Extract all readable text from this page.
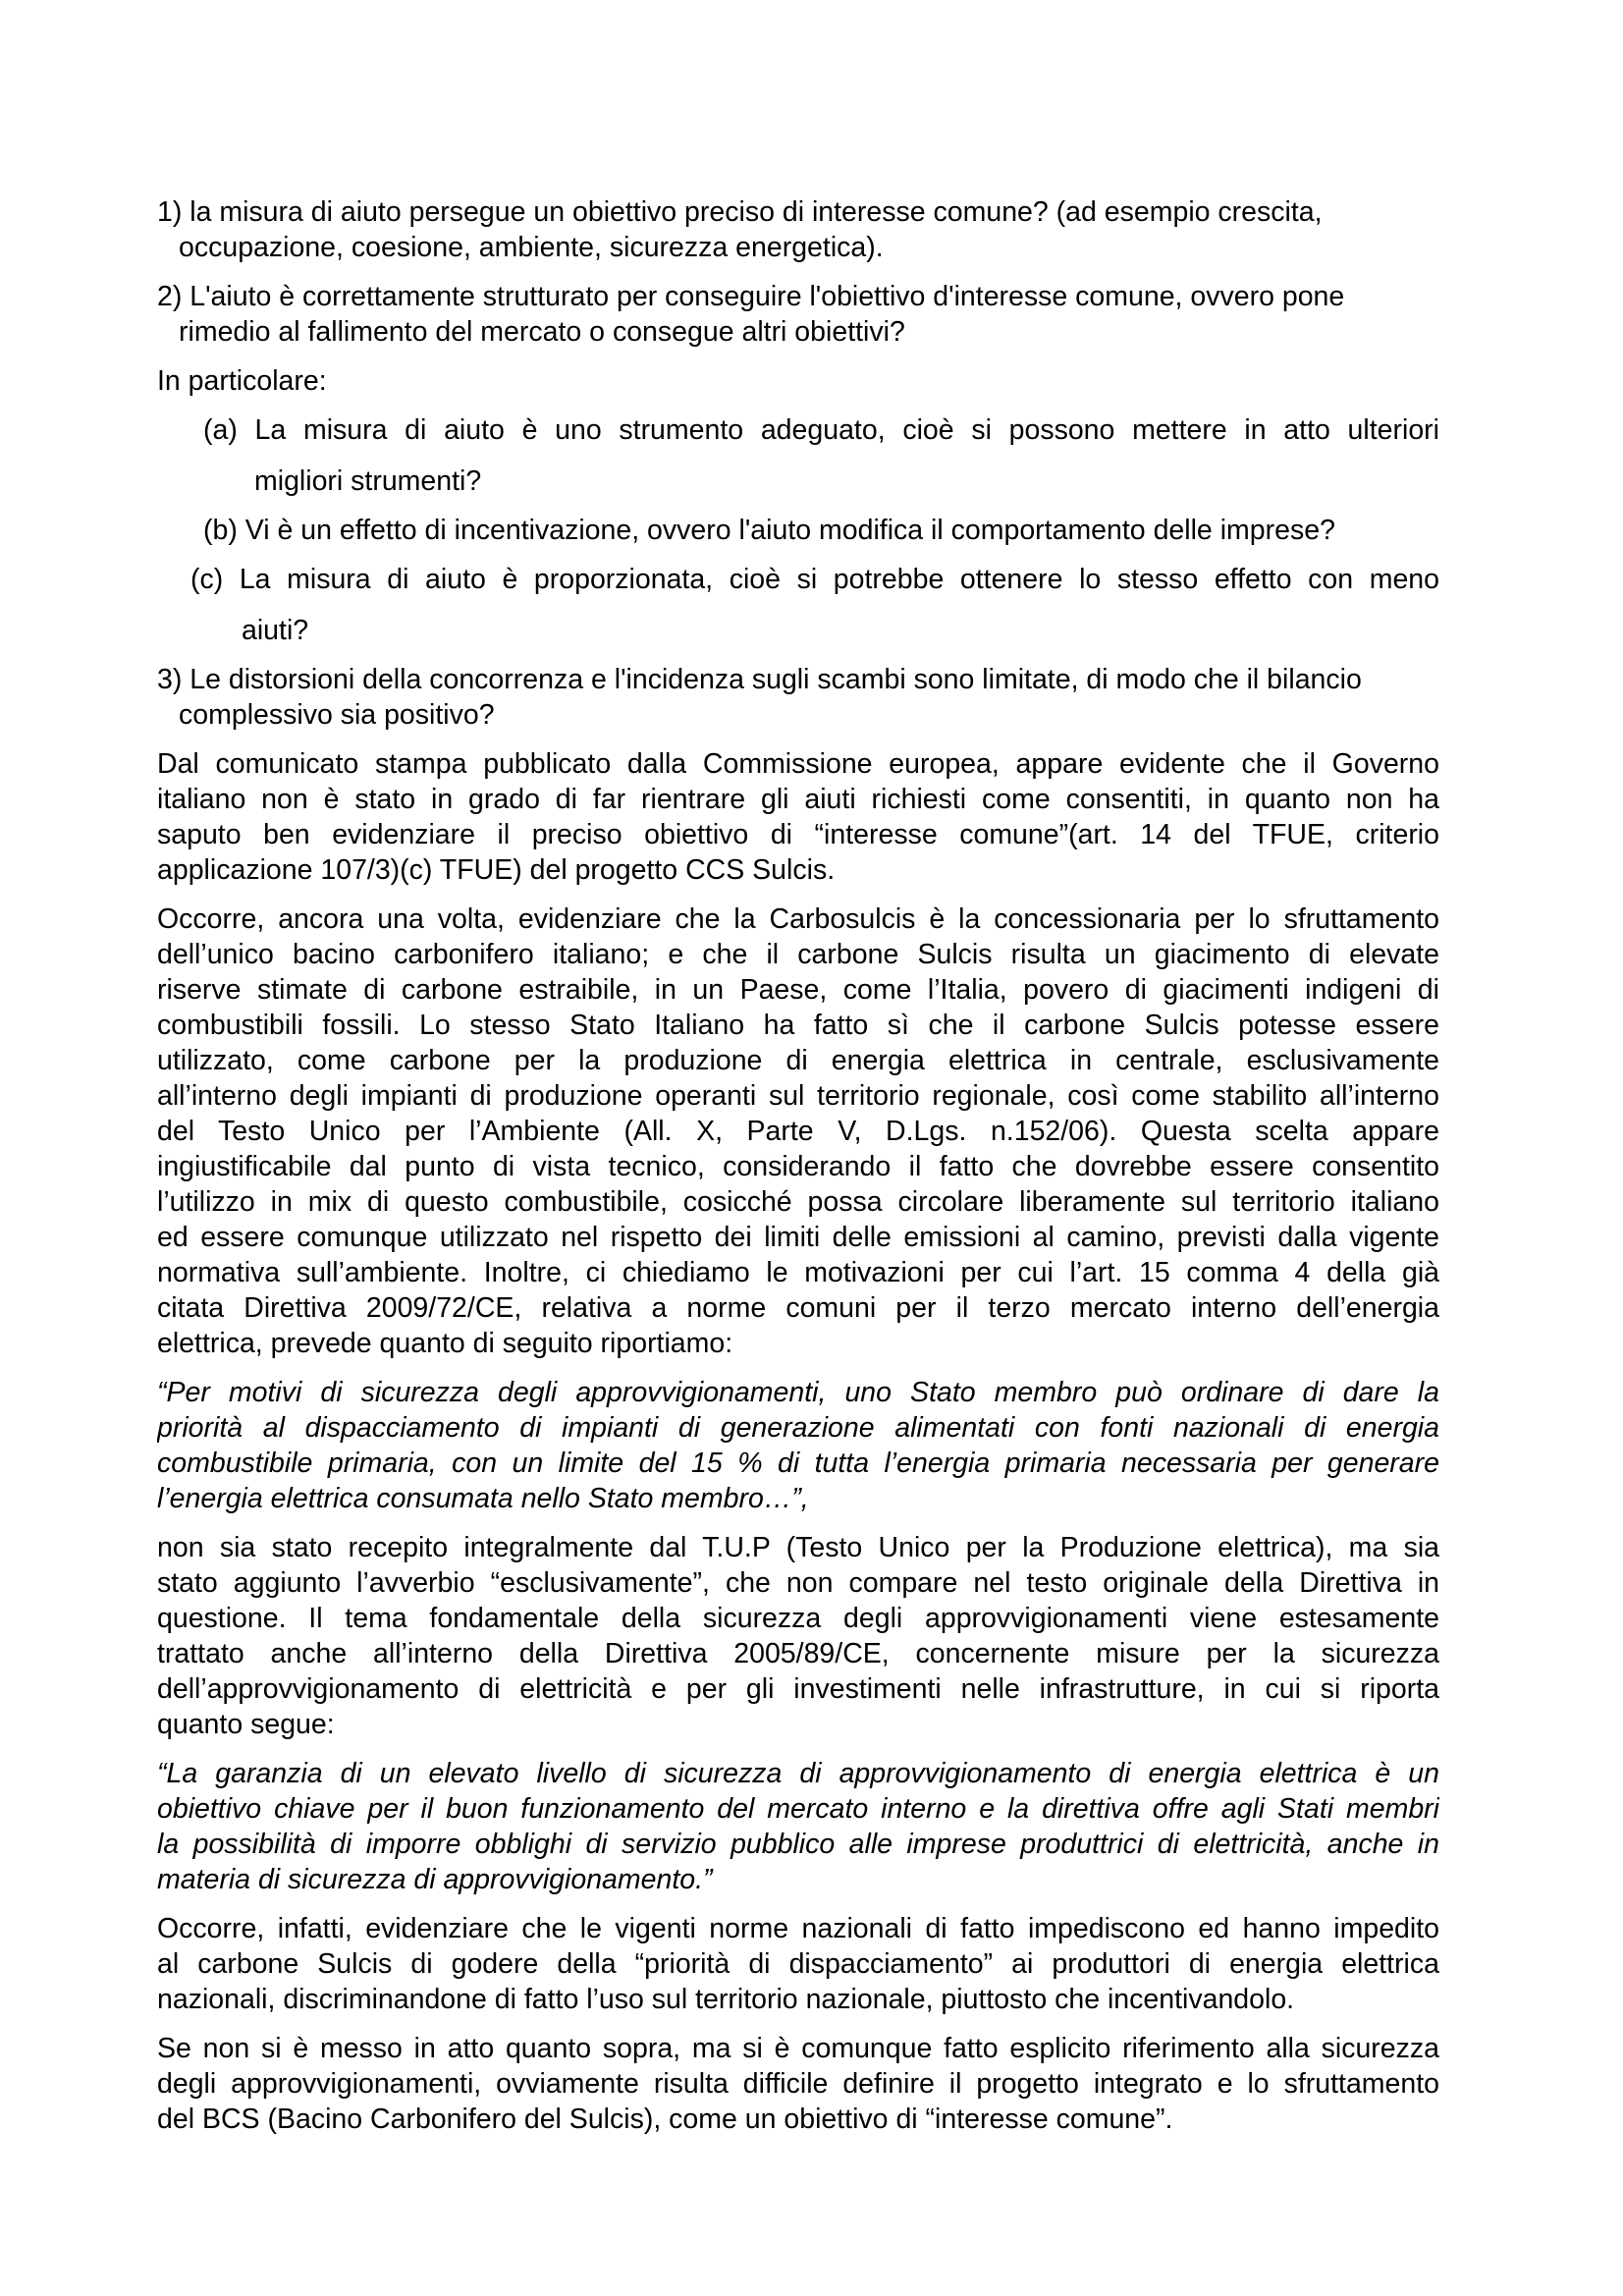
1) la misura di aiuto persegue un obiettivo preciso di interesse comune? (ad esempio crescita,
occupazione, coesione, ambiente, sicurezza energetica).
2) L'aiuto è correttamente strutturato per conseguire l'obiettivo d'interesse comune, ovvero pone
rimedio al fallimento del mercato o consegue altri obiettivi?
In particolare:
(a) La misura di aiuto è uno strumento adeguato, cioè si possono mettere in atto ulteriori
migliori strumenti?
(b) Vi è un effetto di incentivazione, ovvero l'aiuto modifica il comportamento delle imprese?
(c) La misura di aiuto è proporzionata, cioè si potrebbe ottenere lo stesso effetto con meno
aiuti?
3) Le distorsioni della concorrenza e l'incidenza sugli scambi sono limitate, di modo che il bilancio
complessivo sia positivo?
Dal comunicato stampa pubblicato dalla Commissione europea, appare evidente che il Governo
italiano non è stato in grado di far rientrare gli aiuti richiesti come consentiti, in quanto non ha
saputo ben evidenziare il preciso obiettivo di “interesse comune”(art. 14 del TFUE, criterio
applicazione 107/3)(c) TFUE) del progetto CCS Sulcis.
Occorre, ancora una volta, evidenziare che la Carbosulcis è la concessionaria per lo sfruttamento
dell’unico bacino carbonifero italiano; e che il carbone Sulcis risulta un giacimento di elevate
riserve stimate di carbone estraibile, in un Paese, come l’Italia, povero di giacimenti indigeni di
combustibili fossili. Lo stesso Stato Italiano ha fatto sì che il carbone Sulcis potesse essere
utilizzato, come carbone per la produzione di energia elettrica in centrale, esclusivamente
all’interno degli impianti di produzione operanti sul territorio regionale, così come stabilito all’interno
del Testo Unico per l’Ambiente (All. X, Parte V, D.Lgs. n.152/06). Questa scelta appare
ingiustificabile dal punto di vista tecnico, considerando il fatto che dovrebbe essere consentito
l’utilizzo in mix di questo combustibile, cosicché possa circolare liberamente sul territorio italiano
ed essere comunque utilizzato nel rispetto dei limiti delle emissioni al camino, previsti dalla vigente
normativa sull’ambiente. Inoltre, ci chiediamo le motivazioni per cui l’art. 15 comma 4 della già
citata Direttiva 2009/72/CE, relativa a norme comuni per il terzo mercato interno dell’energia
elettrica, prevede quanto di seguito riportiamo:
“Per motivi di sicurezza degli approvvigionamenti, uno Stato membro può ordinare di dare la
priorità al dispacciamento di impianti di generazione alimentati con fonti nazionali di energia
combustibile primaria, con un limite del 15 % di tutta l’energia primaria necessaria per generare
l’energia elettrica consumata nello Stato membro…”,
non sia stato recepito integralmente dal T.U.P (Testo Unico per la Produzione elettrica), ma sia
stato aggiunto l’avverbio “esclusivamente”, che non compare nel testo originale della Direttiva in
questione. Il tema fondamentale della sicurezza degli approvvigionamenti viene estesamente
trattato anche all’interno della Direttiva 2005/89/CE, concernente misure per la sicurezza
dell’approvvigionamento di elettricità e per gli investimenti nelle infrastrutture, in cui si riporta
quanto segue:
“La garanzia di un elevato livello di sicurezza di approvvigionamento di energia elettrica è un
obiettivo chiave per il buon funzionamento del mercato interno e la direttiva offre agli Stati membri
la possibilità di imporre obblighi di servizio pubblico alle imprese produttrici di elettricità, anche in
materia di sicurezza di approvvigionamento.”
Occorre, infatti, evidenziare che le vigenti norme nazionali di fatto impediscono ed hanno impedito
al carbone Sulcis di godere della “priorità di dispacciamento” ai produttori di energia elettrica
nazionali, discriminandone di fatto l’uso sul territorio nazionale, piuttosto che incentivandolo.
Se non si è messo in atto quanto sopra, ma si è comunque fatto esplicito riferimento alla sicurezza
degli approvvigionamenti, ovviamente risulta difficile definire il progetto integrato e lo sfruttamento
del BCS (Bacino Carbonifero del Sulcis), come un obiettivo di “interesse comune”.
